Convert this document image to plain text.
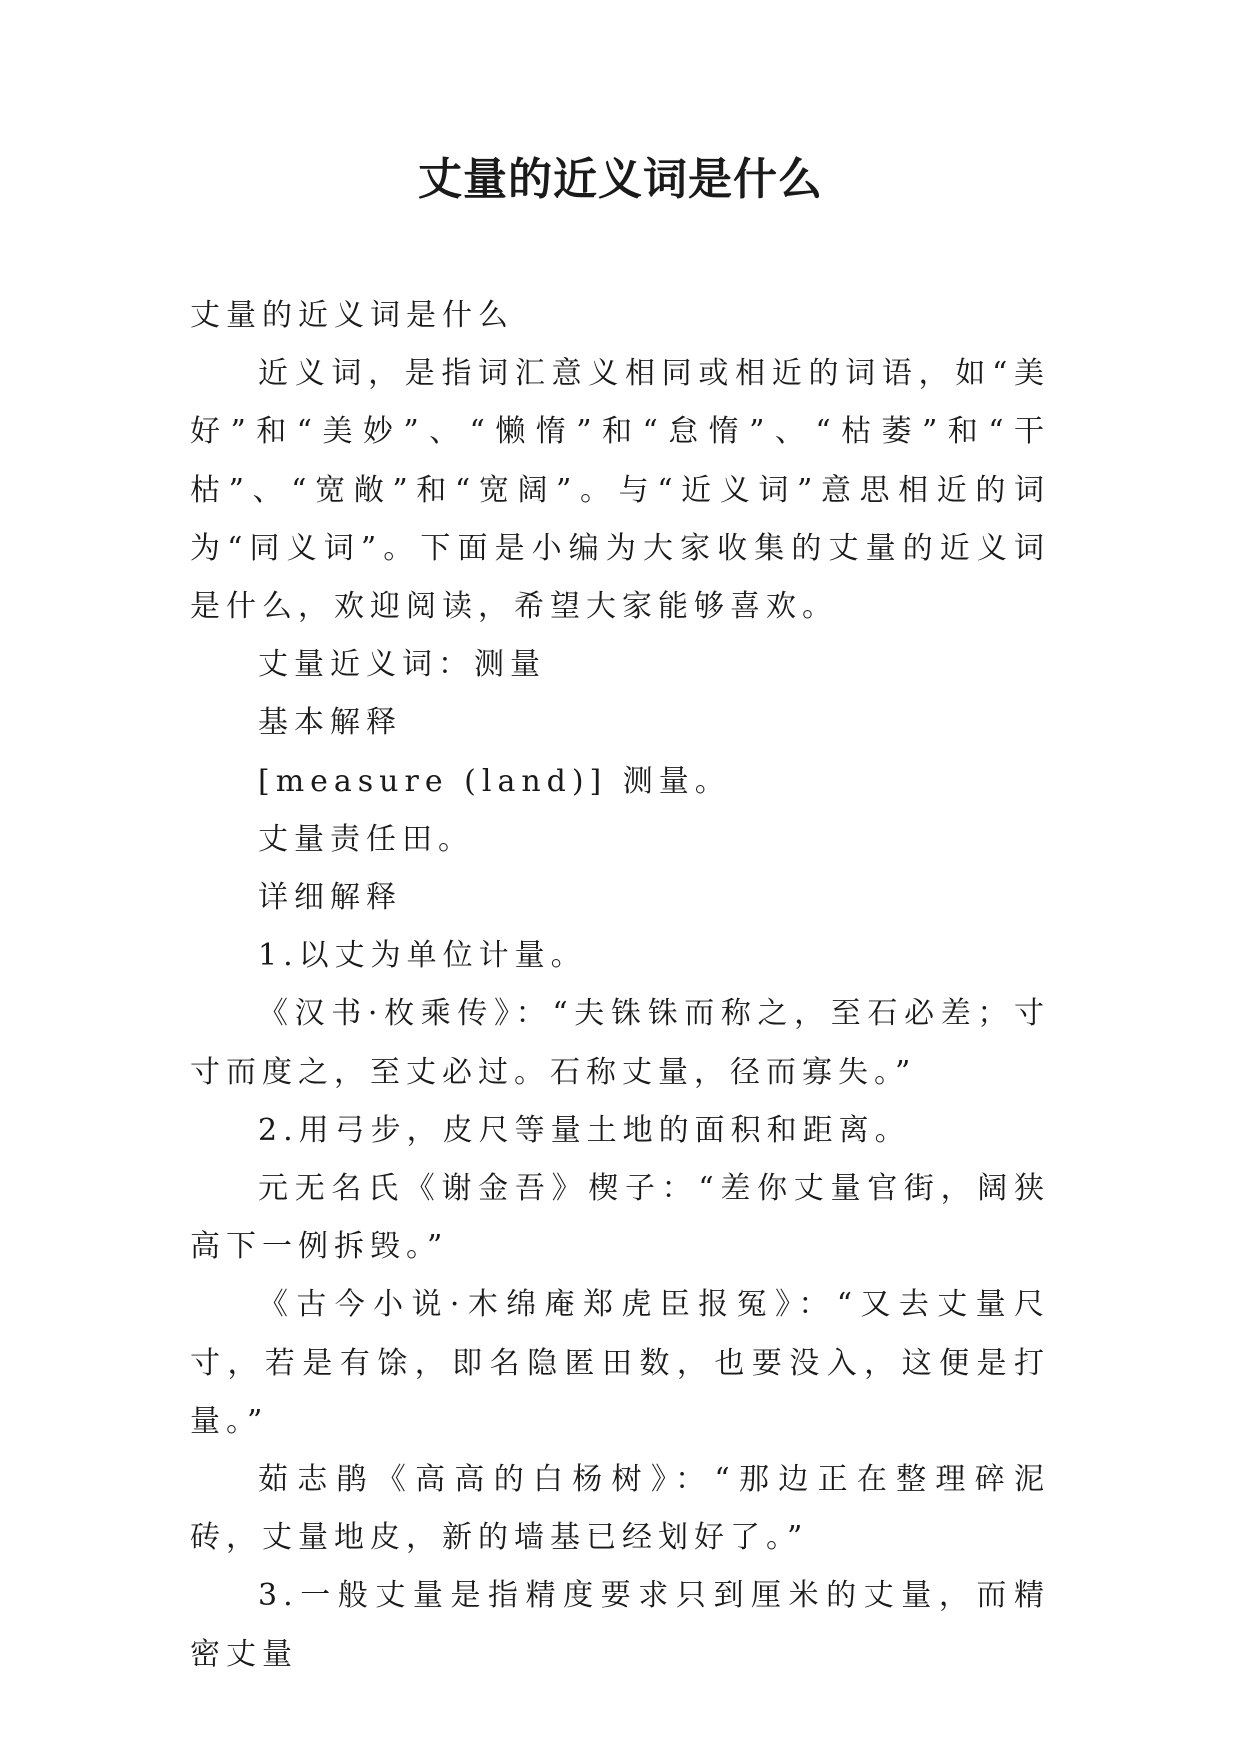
丈量的近义词是什么

丈量的近义词是什么

近义词，是指词汇意义相同或相近的词语，如“美好”和“美妙”、“懒惰”和“怠惰”、“枯萎”和“干枯”、“宽敞”和“宽阔”。与“近义词”意思相近的词为“同义词”。下面是小编为大家收集的丈量的近义词是什么，欢迎阅读，希望大家能够喜欢。

丈量近义词：测量

基本解释

[measure (land)] 测量。

丈量责任田。

详细解释

1.以丈为单位计量。

《汉书·枚乘传》：“夫铢铢而称之，至石必差；寸寸而度之，至丈必过。石称丈量，径而寡失。”

2.用弓步，皮尺等量土地的面积和距离。

元无名氏《谢金吾》楔子：“差你丈量官街，阔狭高下一例拆毁。”

《古今小说·木绵庵郑虎臣报冤》：“又去丈量尺寸，若是有馀，即名隐匿田数，也要没入，这便是打量。”

茹志鹃《高高的白杨树》：“那边正在整理碎泥砖，丈量地皮，新的墙基已经划好了。”

3.一般丈量是指精度要求只到厘米的丈量，而精密丈量
